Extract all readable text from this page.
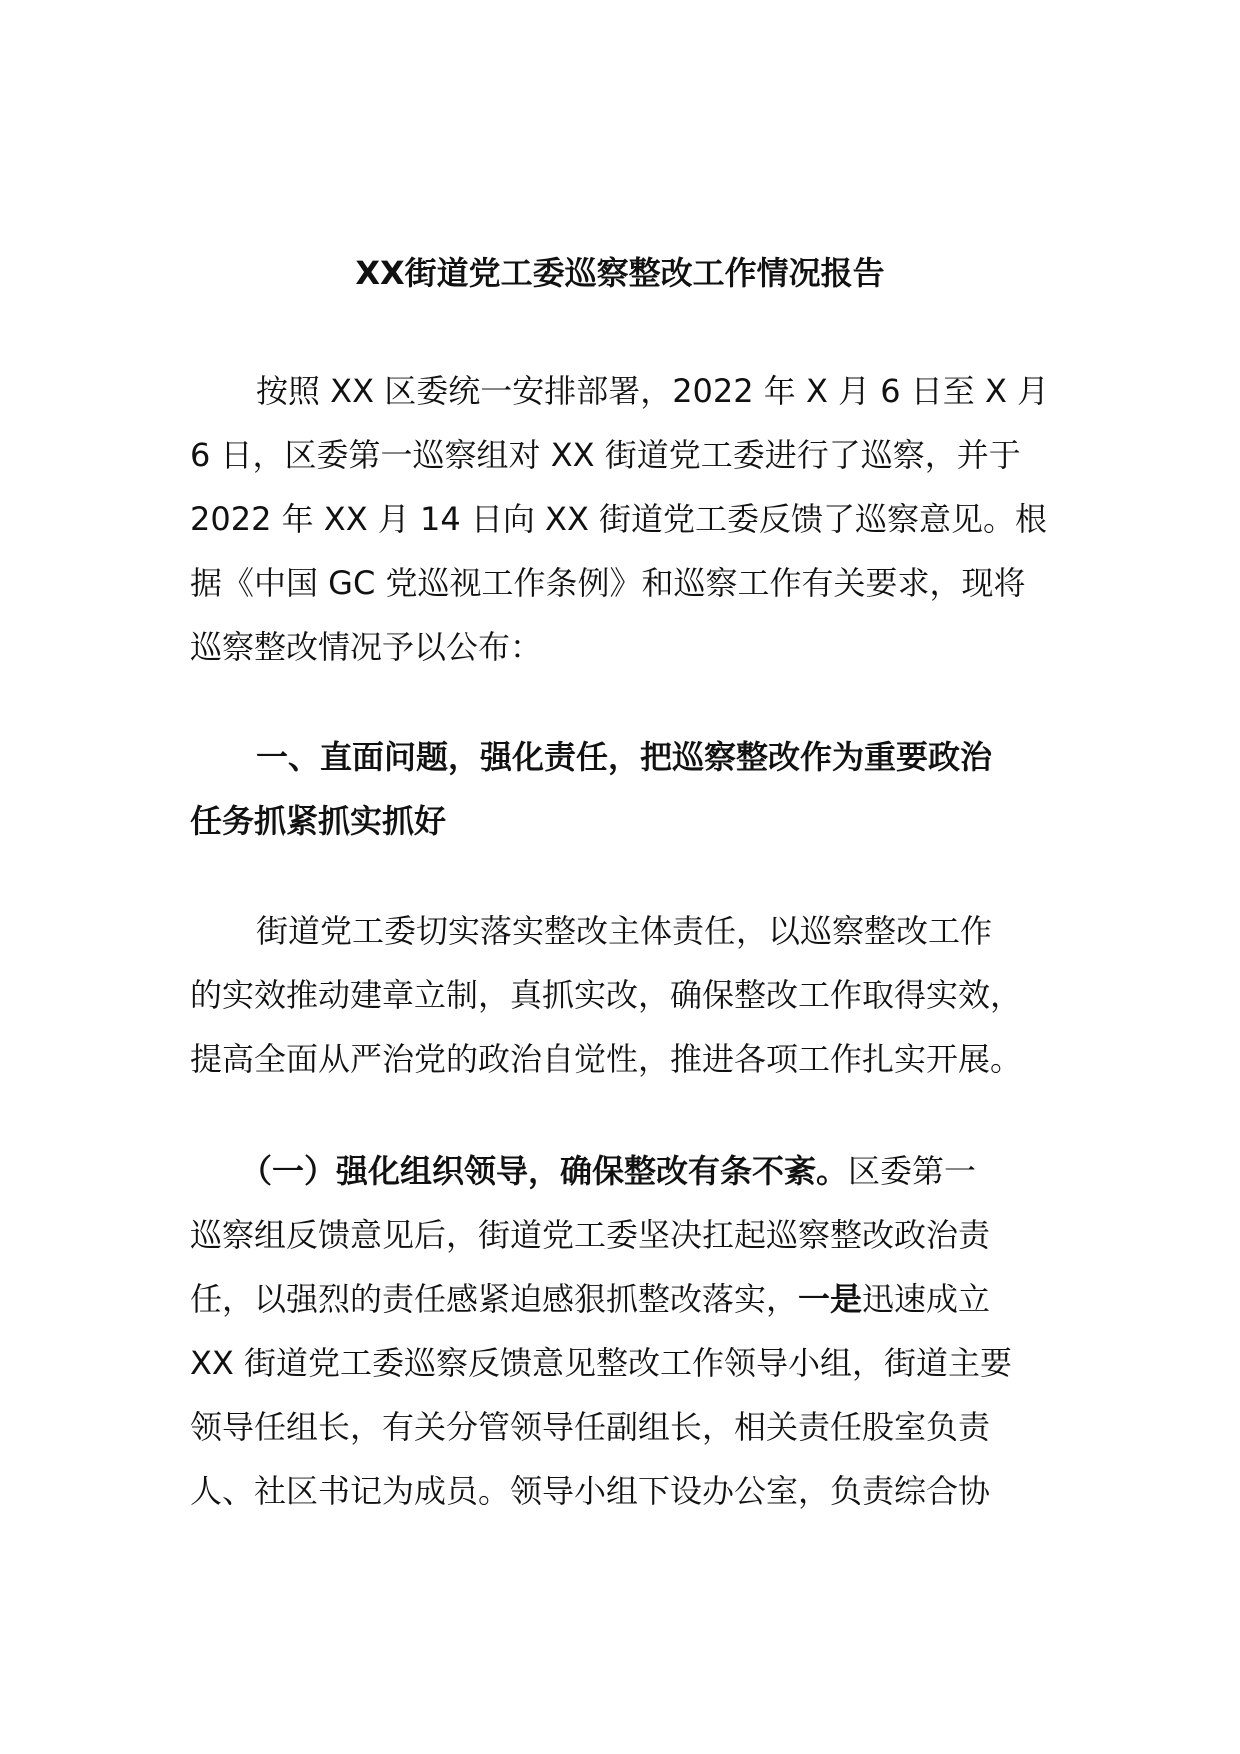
XX街道党工委巡察整改工作情况报告

按照 XX 区委统一安排部署，2022 年 X 月 6 日至 X 月

6 日，区委第一巡察组对 XX 街道党工委进行了巡察，并于

2022 年 XX 月 14 日向 XX 街道党工委反馈了巡察意见。根

据《中国 GC 党巡视工作条例》和巡察工作有关要求，现将

巡察整改情况予以公布：

一、直面问题，强化责任，把巡察整改作为重要政治

任务抓紧抓实抓好

街道党工委切实落实整改主体责任，以巡察整改工作

的实效推动建章立制，真抓实改，确保整改工作取得实效，

提高全面从严治党的政治自觉性，推进各项工作扎实开展。

（一）强化组织领导，确保整改有条不紊。区委第一

巡察组反馈意见后，街道党工委坚决扛起巡察整改政治责

任，以强烈的责任感紧迫感狠抓整改落实，一是迅速成立

XX 街道党工委巡察反馈意见整改工作领导小组，街道主要

领导任组长，有关分管领导任副组长，相关责任股室负责

人、社区书记为成员。领导小组下设办公室，负责综合协
